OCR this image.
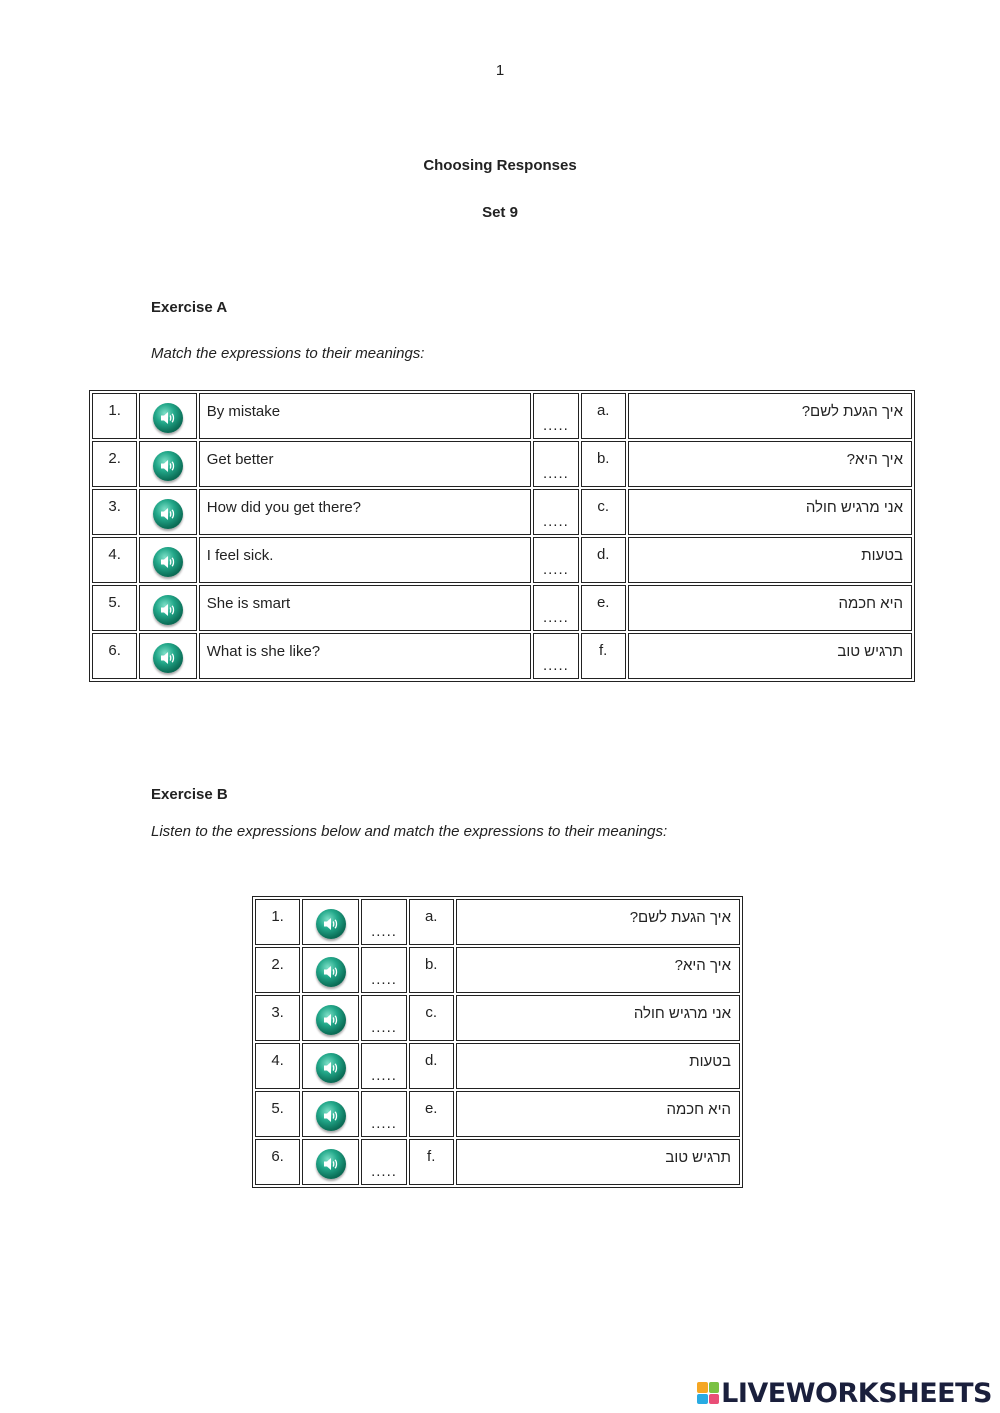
1
Choosing Responses
Set 9
Exercise A
Match the expressions to their meanings:
1.		By mistake	.....	a.	איך הגעת לשם?

2.		Get better	.....	b.	איך היא?

3.		How did you get there?	.....	c.	אני מרגיש חולה

4.		I feel sick.	.....	d.	בטעות

5.		She is smart	.....	e.	היא חכמה

6.		What is she like?	.....	f.	תרגיש טוב
Exercise B
Listen to the expressions below and match the expressions to their meanings:
1.		.....	a.	איך הגעת לשם?

2.		.....	b.	איך היא?

3.		.....	c.	אני מרגיש חולה

4.		.....	d.	בטעות

5.		.....	e.	היא חכמה

6.		.....	f.	תרגיש טוב
LIVEWORKSHEETS
